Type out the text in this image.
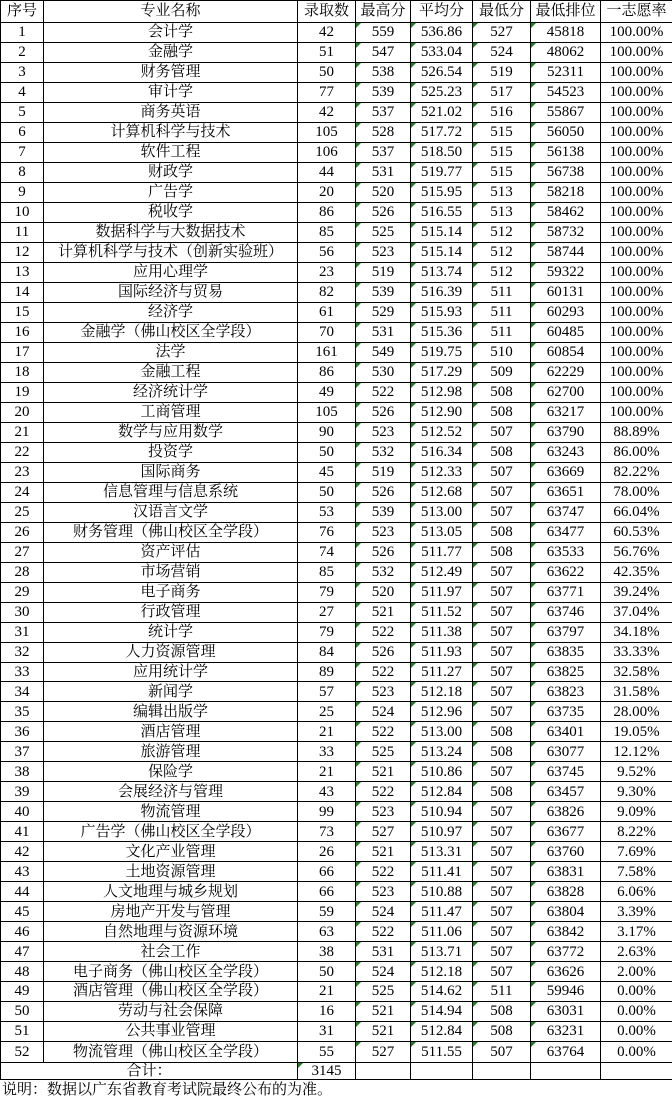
序号	专业名称	录取数	最高分	平均分	最低分	最低排位	一志愿率
1	会计学	42	559	536.86	527	45818	100.00%
2	金融学	51	547	533.04	524	48062	100.00%
3	财务管理	50	538	526.54	519	52311	100.00%
4	审计学	77	539	525.23	517	54523	100.00%
5	商务英语	42	537	521.02	516	55867	100.00%
6	计算机科学与技术	105	528	517.72	515	56050	100.00%
7	软件工程	106	537	518.50	515	56138	100.00%
8	财政学	44	531	519.77	515	56738	100.00%
9	广告学	20	520	515.95	513	58218	100.00%
10	税收学	86	526	516.55	513	58462	100.00%
11	数据科学与大数据技术	85	525	515.14	512	58732	100.00%
12	计算机科学与技术（创新实验班）	56	523	515.14	512	58744	100.00%
13	应用心理学	23	519	513.74	512	59322	100.00%
14	国际经济与贸易	82	539	516.39	511	60131	100.00%
15	经济学	61	529	515.93	511	60293	100.00%
16	金融学（佛山校区全学段）	70	531	515.36	511	60485	100.00%
17	法学	161	549	519.75	510	60854	100.00%
18	金融工程	86	530	517.29	509	62229	100.00%
19	经济统计学	49	522	512.98	508	62700	100.00%
20	工商管理	105	526	512.90	508	63217	100.00%
21	数学与应用数学	90	523	512.52	507	63790	88.89%
22	投资学	50	532	516.34	508	63243	86.00%
23	国际商务	45	519	512.33	507	63669	82.22%
24	信息管理与信息系统	50	526	512.68	507	63651	78.00%
25	汉语言文学	53	539	513.00	507	63747	66.04%
26	财务管理（佛山校区全学段）	76	523	513.05	508	63477	60.53%
27	资产评估	74	526	511.77	508	63533	56.76%
28	市场营销	85	532	512.49	507	63622	42.35%
29	电子商务	79	520	511.97	507	63771	39.24%
30	行政管理	27	521	511.52	507	63746	37.04%
31	统计学	79	522	511.38	507	63797	34.18%
32	人力资源管理	84	526	511.93	507	63835	33.33%
33	应用统计学	89	522	511.27	507	63825	32.58%
34	新闻学	57	523	512.18	507	63823	31.58%
35	编辑出版学	25	524	512.96	507	63735	28.00%
36	酒店管理	21	522	513.00	508	63401	19.05%
37	旅游管理	33	525	513.24	508	63077	12.12%
38	保险学	21	521	510.86	507	63745	9.52%
39	会展经济与管理	43	522	512.84	508	63457	9.30%
40	物流管理	99	523	510.94	507	63826	9.09%
41	广告学（佛山校区全学段）	73	527	510.97	507	63677	8.22%
42	文化产业管理	26	521	513.31	507	63760	7.69%
43	土地资源管理	66	522	511.41	507	63831	7.58%
44	人文地理与城乡规划	66	523	510.88	507	63828	6.06%
45	房地产开发与管理	59	524	511.47	507	63804	3.39%
46	自然地理与资源环境	63	522	511.06	507	63842	3.17%
47	社会工作	38	531	513.71	507	63772	2.63%
48	电子商务（佛山校区全学段）	50	524	512.18	507	63626	2.00%
49	酒店管理（佛山校区全学段）	21	525	514.62	511	59946	0.00%
50	劳动与社会保障	16	521	514.94	508	63031	0.00%
51	公共事业管理	31	521	512.84	508	63231	0.00%
52	物流管理（佛山校区全学段）	55	527	511.55	507	63764	0.00%
合计：		3145					
说明：数据以广东省教育考试院最终公布的为准。
